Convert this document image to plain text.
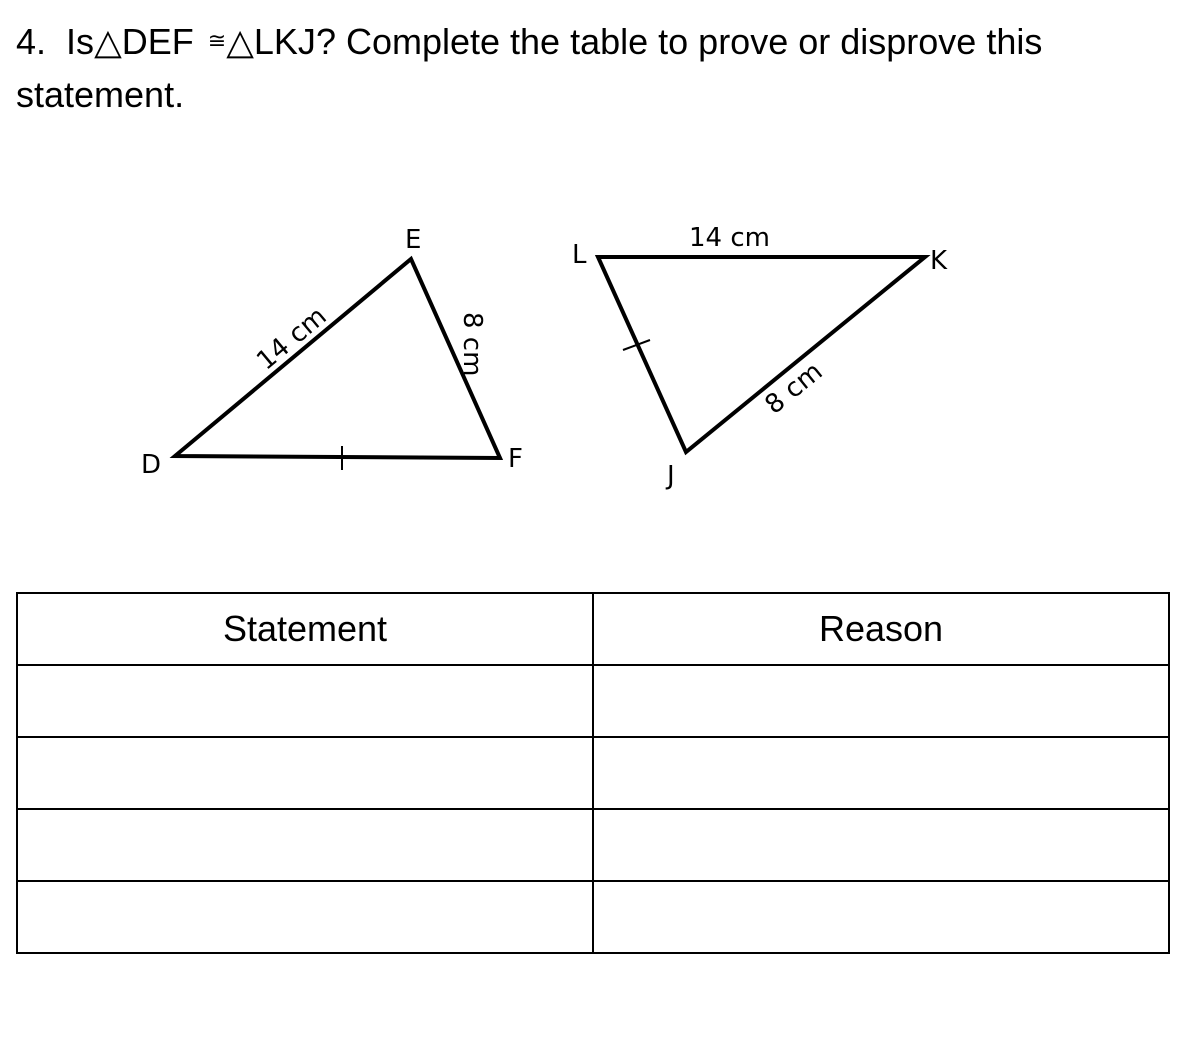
4. Is△DEF ≅△LKJ? Complete the table to prove or disprove this
statement.
D
E
F
14 cm	8 cm
L	K
J
14 cm
8 cm
Statement	Reason
